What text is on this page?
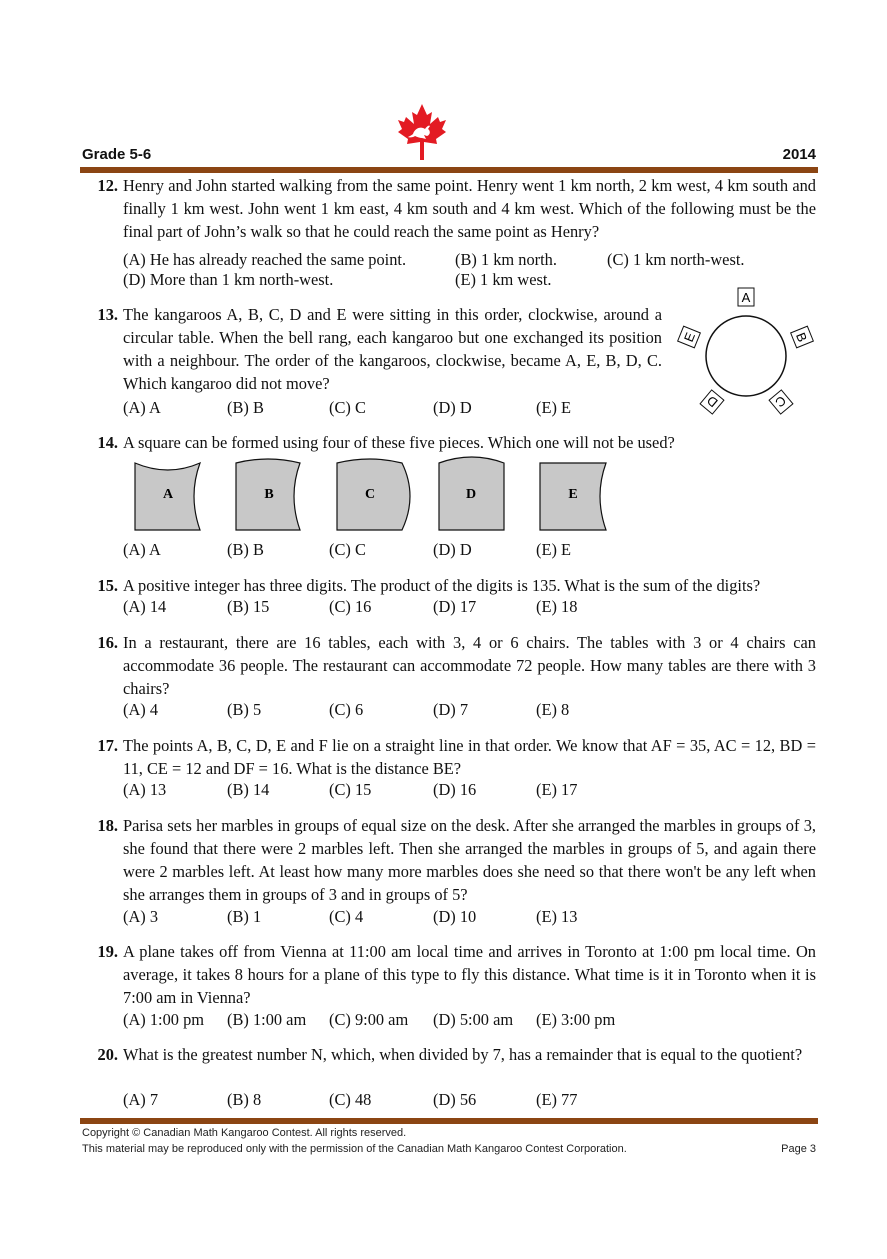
Grade 5-6	2014
12. Henry and John started walking from the same point. Henry went 1 km north, 2 km west, 4 km south and finally 1 km west. John went 1 km east, 4 km south and 4 km west. Which of the following must be the final part of John’s walk so that he could reach the same point as Henry?
(A) He has already reached the same point.	(B) 1 km north.	(C) 1 km north-west.
(D) More than 1 km north-west.	(E) 1 km west.
13. The kangaroos A, B, C, D and E were sitting in this order, clockwise, around a circular table. When the bell rang, each kangaroo but one exchanged its position with a neighbour. The order of the kangaroos, clockwise, became A, E, B, D, C. Which kangaroo did not move?
(A) A	(B) B	(C) C	(D) D	(E) E
A
B
C
D
E
14. A square can be formed using four of these five pieces. Which one will not be used?
A	B	C	D	E
(A) A	(B) B	(C) C	(D) D	(E) E
15. A positive integer has three digits. The product of the digits is 135. What is the sum of the digits?
(A) 14	(B) 15	(C) 16	(D) 17	(E) 18
16. In a restaurant, there are 16 tables, each with 3, 4 or 6 chairs. The tables with 3 or 4 chairs can accommodate 36 people. The restaurant can accommodate 72 people. How many tables are there with 3 chairs?
(A) 4	(B) 5	(C) 6	(D) 7	(E) 8
17. The points A, B, C, D, E and F lie on a straight line in that order. We know that AF = 35, AC = 12, BD = 11, CE = 12 and DF = 16. What is the distance BE?
(A) 13	(B) 14	(C) 15	(D) 16	(E) 17
18. Parisa sets her marbles in groups of equal size on the desk. After she arranged the marbles in groups of 3, she found that there were 2 marbles left. Then she arranged the marbles in groups of 5, and again there were 2 marbles left. At least how many more marbles does she need so that there won't be any left when she arranges them in groups of 3 and in groups of 5?
(A) 3	(B) 1	(C) 4	(D) 10	(E) 13
19. A plane takes off from Vienna at 11:00 am local time and arrives in Toronto at 1:00 pm local time. On average, it takes 8 hours for a plane of this type to fly this distance. What time is it in Toronto when it is 7:00 am in Vienna?
(A) 1:00 pm (B) 1:00 am (C) 9:00 am (D) 5:00 am (E) 3:00 pm
20. What is the greatest number N, which, when divided by 7, has a remainder that is equal to the quotient?
(A) 7	(B) 8	(C) 48	(D) 56	(E) 77
Copyright © Canadian Math Kangaroo Contest. All rights reserved.
This material may be reproduced only with the permission of the Canadian Math Kangaroo Contest Corporation.	Page 3
